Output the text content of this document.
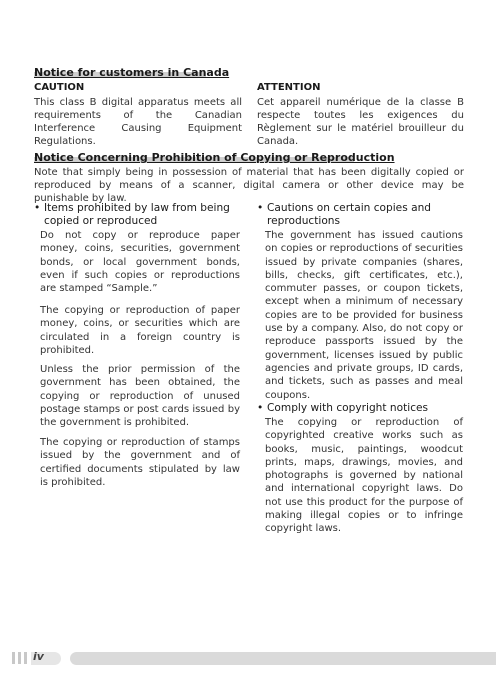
Notice for customers in Canada
CAUTION
This class B digital apparatus meets all requirements of the Canadian Interference Causing Equipment Regulations.
ATTENTION
Cet appareil numérique de la classe B respecte toutes les exigences du Règlement sur le matériel brouilleur du Canada.
Notice Concerning Prohibition of Copying or Reproduction
Note that simply being in possession of material that has been digitally copied or reproduced by means of a scanner, digital camera or other device may be punishable by law.
• Items prohibited by law from being copied or reproduced
Do not copy or reproduce paper money, coins, securities, government bonds, or local government bonds, even if such copies or reproductions are stamped “Sample.”
The copying or reproduction of paper money, coins, or securities which are circulated in a foreign country is prohibited.
Unless the prior permission of the government has been obtained, the copying or reproduction of unused postage stamps or post cards issued by the government is prohibited.
The copying or reproduction of stamps issued by the government and of certified documents stipulated by law is prohibited.
• Cautions on certain copies and reproductions
The government has issued cautions on copies or reproductions of securities issued by private companies (shares, bills, checks, gift certificates, etc.), commuter passes, or coupon tickets, except when a minimum of necessary copies are to be provided for business use by a company. Also, do not copy or reproduce passports issued by the government, licenses issued by public agencies and private groups, ID cards, and tickets, such as passes and meal coupons.
• Comply with copyright notices
The copying or reproduction of copyrighted creative works such as books, music, paintings, woodcut prints, maps, drawings, movies, and photographs is governed by national and international copyright laws. Do not use this product for the purpose of making illegal copies or to infringe copyright laws.
iv
